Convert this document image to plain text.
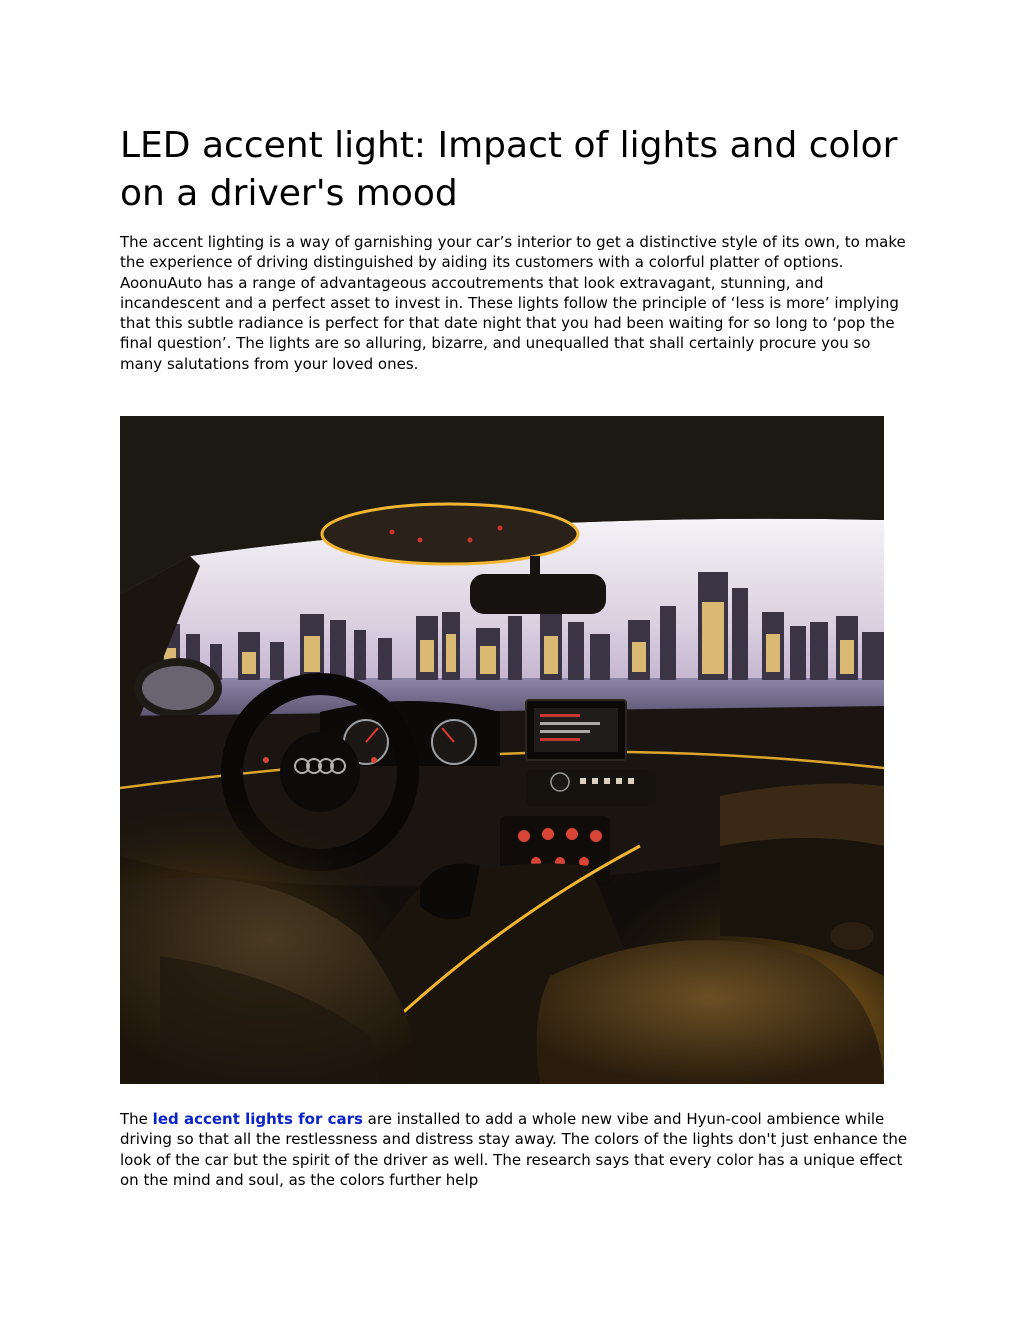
LED accent light: Impact of lights and color on a driver's mood

The accent lighting is a way of garnishing your car’s interior to get a distinctive style of its own, to make the experience of driving distinguished by aiding its customers with a colorful platter of options. AoonuAuto has a range of advantageous accoutrements that look extravagant, stunning, and incandescent and a perfect asset to invest in. These lights follow the principle of ‘less is more’ implying that this subtle radiance is perfect for that date night that you had been waiting for so long to ‘pop the final question’. The lights are so alluring, bizarre, and unequalled that shall certainly procure you so many salutations from your loved ones.

The led accent lights for cars are installed to add a whole new vibe and Hyun-cool ambience while driving so that all the restlessness and distress stay away. The colors of the lights don't just enhance the look of the car but the spirit of the driver as well. The research says that every color has a unique effect on the mind and soul, as the colors further help
